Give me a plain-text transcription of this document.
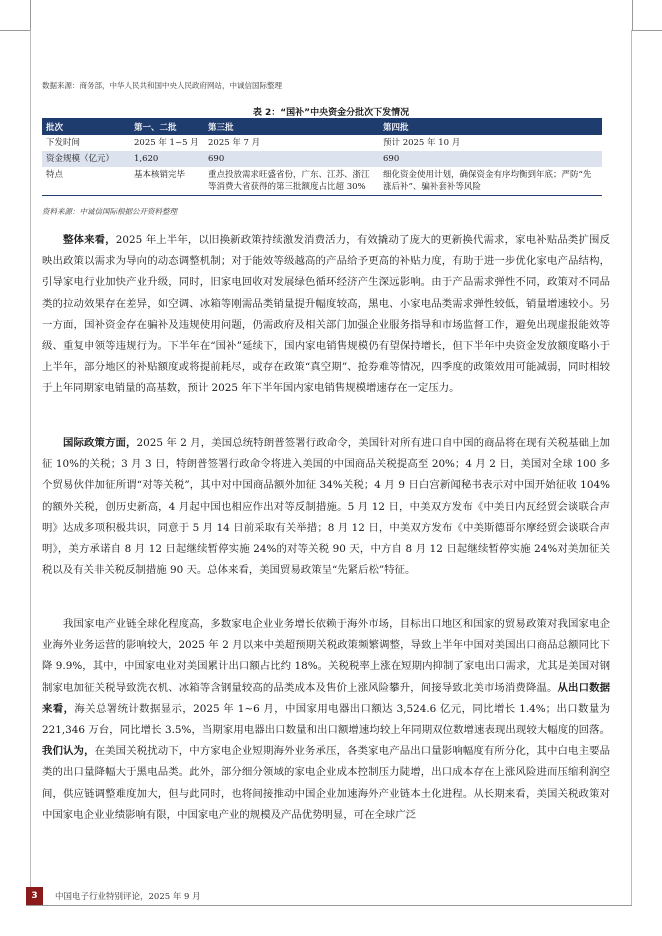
数据来源：商务部，中华人民共和国中央人民政府网站，中诚信国际整理
表 2：“国补”中央资金分批次下发情况
批次	第一、二批	第三批	第四批
下发时间	2025 年 1~5 月	2025 年 7 月	预计 2025 年 10 月
资金规模（亿元）	1,620	690	690
特点	基本核销完毕	重点投放需求旺盛省份，广东、江苏、浙江等消费大省获得的第三批额度占比超 30%	细化资金使用计划，确保资金有序均衡到年底；严防“先涨后补”、骗补套补等风险
资料来源：中诚信国际根据公开资料整理

整体来看，2025 年上半年，以旧换新政策持续激发消费活力，有效撬动了庞大的更新换代需求，家电补贴品类扩围反映出政策以需求为导向的动态调整机制；对于能效等级越高的产品给予更高的补贴力度，有助于进一步优化家电产品结构，引导家电行业加快产业升级，同时，旧家电回收对发展绿色循环经济产生深远影响。由于产品需求弹性不同，政策对不同品类的拉动效果存在差异，如空调、冰箱等刚需品类销量提升幅度较高，黑电、小家电品类需求弹性较低，销量增速较小。另一方面，国补资金存在骗补及违规使用问题，仍需政府及相关部门加强企业服务指导和市场监督工作，避免出现虚报能效等级、重复申领等违规行为。下半年在“国补”延续下，国内家电销售规模仍有望保持增长，但下半年中央资金发放额度略小于上半年，部分地区的补贴额度或将提前耗尽，或存在政策“真空期”、抢券难等情况，四季度的政策效用可能减弱，同时相较于上年同期家电销量的高基数，预计 2025 年下半年国内家电销售规模增速存在一定压力。

国际政策方面，2025 年 2 月，美国总统特朗普签署行政命令，美国针对所有进口自中国的商品将在现有关税基础上加征 10%的关税；3 月 3 日，特朗普签署行政命令将进入美国的中国商品关税提高至 20%；4 月 2 日，美国对全球 100 多个贸易伙伴加征所谓“对等关税”，其中对中国商品额外加征 34%关税；4 月 9 日白宫新闻秘书表示对中国开始征收 104%的额外关税，创历史新高，4 月起中国也相应作出对等反制措施。5 月 12 日，中美双方发布《中美日内瓦经贸会谈联合声明》达成多项积极共识，同意于 5 月 14 日前采取有关举措；8 月 12 日，中美双方发布《中美斯德哥尔摩经贸会谈联合声明》，美方承诺自 8 月 12 日起继续暂停实施 24%的对等关税 90 天，中方自 8 月 12 日起继续暂停实施 24%对美加征关税以及有关非关税反制措施 90 天。总体来看，美国贸易政策呈“先紧后松”特征。

我国家电产业链全球化程度高，多数家电企业业务增长依赖于海外市场，目标出口地区和国家的贸易政策对我国家电企业海外业务运营的影响较大，2025 年 2 月以来中美超预期关税政策频繁调整，导致上半年中国对美国出口商品总额同比下降 9.9%，其中，中国家电业对美国累计出口额占比约 18%。关税税率上涨在短期内抑制了家电出口需求，尤其是美国对钢制家电加征关税导致洗衣机、冰箱等含钢量较高的品类成本及售价上涨风险攀升，间接导致北美市场消费降温。从出口数据来看，海关总署统计数据显示，2025 年 1~6 月，中国家用电器出口额达 3,524.6 亿元，同比增长 1.4%；出口数量为 221,346 万台，同比增长 3.5%，当期家用电器出口数量和出口额增速均较上年同期双位数增速表现出现较大幅度的回落。我们认为，在美国关税扰动下，中方家电企业短期海外业务承压，各类家电产品出口量影响幅度有所分化，其中白电主要品类的出口量降幅大于黑电品类。此外，部分细分领域的家电企业成本控制压力陡增，出口成本存在上涨风险进而压缩利润空间，供应链调整难度加大，但与此同时，也将间接推动中国企业加速海外产业链本土化进程。从长期来看，美国关税政策对中国家电企业业绩影响有限，中国家电产业的规模及产品优势明显，可在全球广泛

3	中国电子行业特别评论，2025 年 9 月
